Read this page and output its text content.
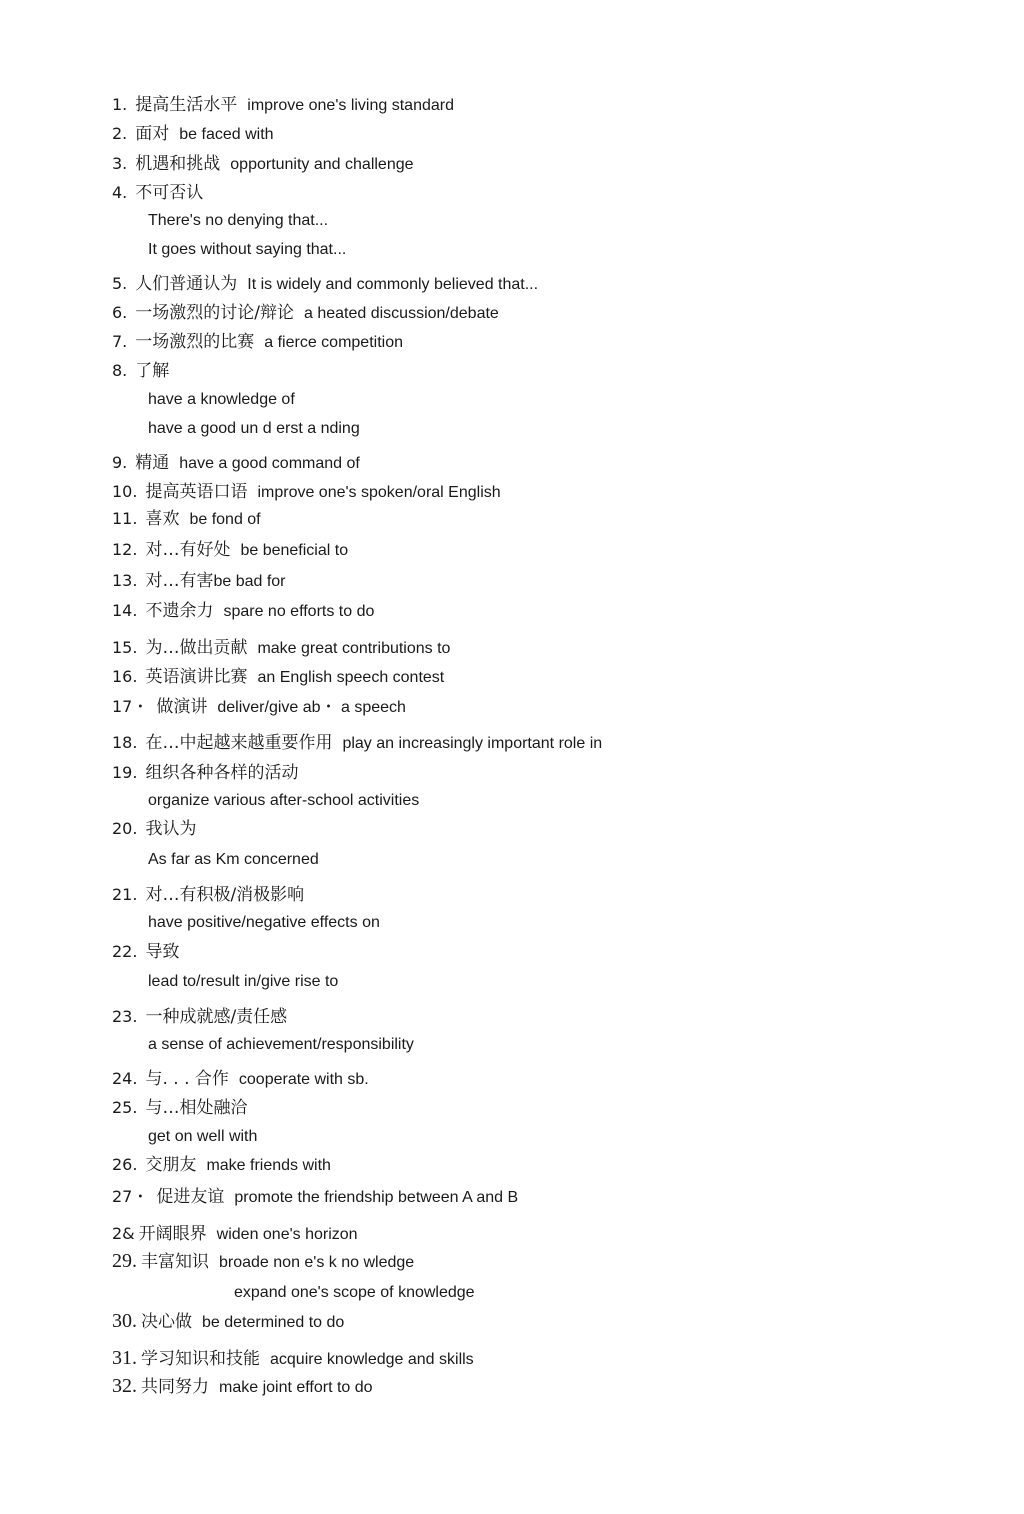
1. 提高生活水平 improve one's living standard
2. 面对 be faced with
3. 机遇和挑战 opportunity and challenge
4. 不可否认
There's no denying that...
It goes without saying that...
5. 人们普通认为 It is widely and commonly believed that...
6. 一场激烈的讨论/辩论 a heated discussion/debate
7. 一场激烈的比赛 a fierce competition
8. 了解
have a knowledge of
have a good un d erst a nding
9. 精通 have a good command of
10. 提高英语口语 improve one's spoken/oral English
11. 喜欢 be fond of
12. 对…有好处 be beneficial to
13. 对…有害be bad for
14. 不遗余力 spare no efforts to do
15. 为…做出贡献 make great contributions to
16. 英语演讲比赛 an English speech contest
17・ 做演讲 deliver/give ab・ a speech
18. 在…中起越来越重要作用 play an increasingly important role in
19. 组织各种各样的活动
organize various after-school activities
20. 我认为
As far as Km concerned
21. 对…有积极/消极影响
have positive/negative effects on
22. 导致
lead to/result in/give rise to
23. 一种成就感/责任感
a sense of achievement/responsibility
24. 与. . . 合作 cooperate with sb.
25. 与…相处融洽
get on well with
26. 交朋友 make friends with
27・ 促进友谊 promote the friendship between A and B
2& 开阔眼界 widen one's horizon
29. 丰富知识 broade non e's k no wledge
expand one's scope of knowledge
30. 决心做 be determined to do
31. 学习知识和技能 acquire knowledge and skills
32. 共同努力 make joint effort to do
